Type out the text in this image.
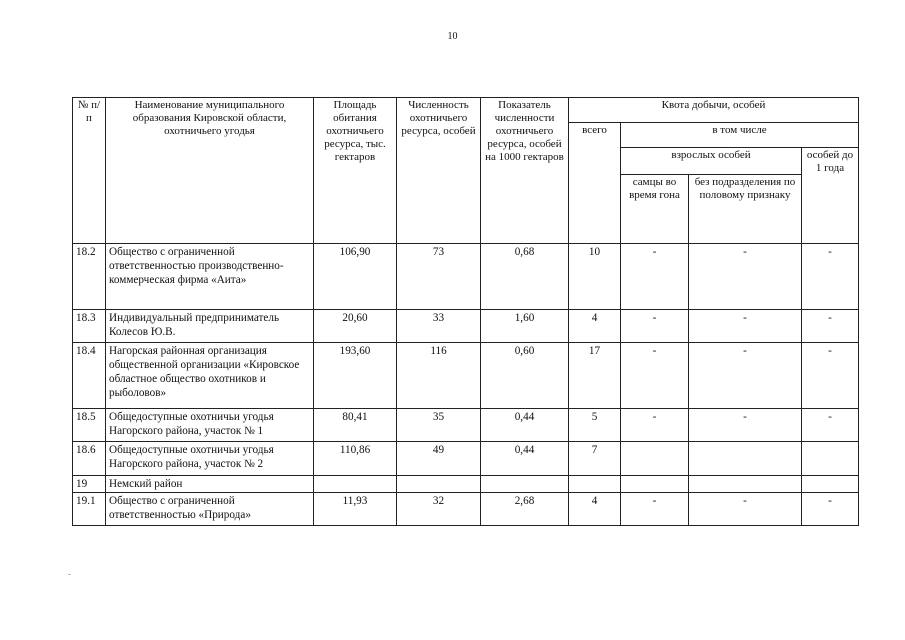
10
№ п/п	Наименование муниципального образования Кировской области, охотничьего угодья	Площадь обитания охотничьего ресурса, тыс. гектаров	Численность охотничьего ресурса, особей	Показатель численности охотничьего ресурса, особей на 1000 гектаров	Квота добычи, особей			
					всего	в том числе		
						взрослых особей		особей до 1 года
						самцы во время гона	без подразделения по половому признаку	
18.2	Общество с ограниченной ответственностью производственно-коммерческая фирма «Аита»	106,90	73	0,68	10	-	-	-
18.3	Индивидуальный предприниматель Колесов Ю.В.	20,60	33	1,60	4	-	-	-
18.4	Нагорская районная организация общественной организации «Кировское областное общество охотников и рыболовов»	193,60	116	0,60	17	-	-	-
18.5	Общедоступные охотничьи угодья Нагорского района, участок № 1	80,41	35	0,44	5	-	-	-
18.6	Общедоступные охотничьи угодья Нагорского района, участок № 2	110,86	49	0,44	7			
19	Немский район							
19.1	Общество с ограниченной ответственностью «Природа»	11,93	32	2,68	4	-	-	-
